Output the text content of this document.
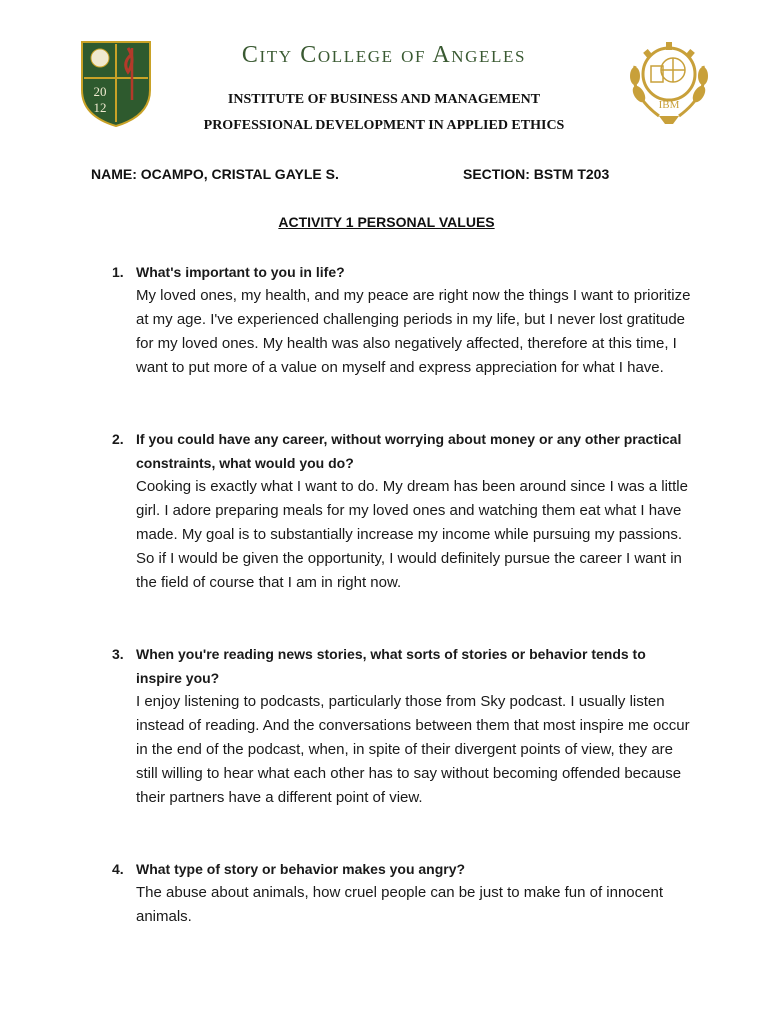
20
12
City College of Angeles
INSTITUTE OF BUSINESS AND MANAGEMENT
PROFESSIONAL DEVELOPMENT IN APPLIED ETHICS
IBM
NAME: OCAMPO, CRISTAL GAYLE S.	SECTION: BSTM T203
ACTIVITY 1 PERSONAL VALUES
1. What's important to you in life?
My loved ones, my health, and my peace are right now the things I want to prioritize at my age. I've experienced challenging periods in my life, but I never lost gratitude for my loved ones. My health was also negatively affected, therefore at this time, I want to put more of a value on myself and express appreciation for what I have.
2. If you could have any career, without worrying about money or any other practical constraints, what would you do?
Cooking is exactly what I want to do. My dream has been around since I was a little girl. I adore preparing meals for my loved ones and watching them eat what I have made. My goal is to substantially increase my income while pursuing my passions. So if I would be given the opportunity, I would definitely pursue the career I want in the field of course that I am in right now.
3. When you're reading news stories, what sorts of stories or behavior tends to inspire you?
I enjoy listening to podcasts, particularly those from Sky podcast. I usually listen instead of reading. And the conversations between them that most inspire me occur in the end of the podcast, when, in spite of their divergent points of view, they are still willing to hear what each other has to say without becoming offended because their partners have a different point of view.
4. What type of story or behavior makes you angry?
The abuse about animals, how cruel people can be just to make fun of innocent animals.
